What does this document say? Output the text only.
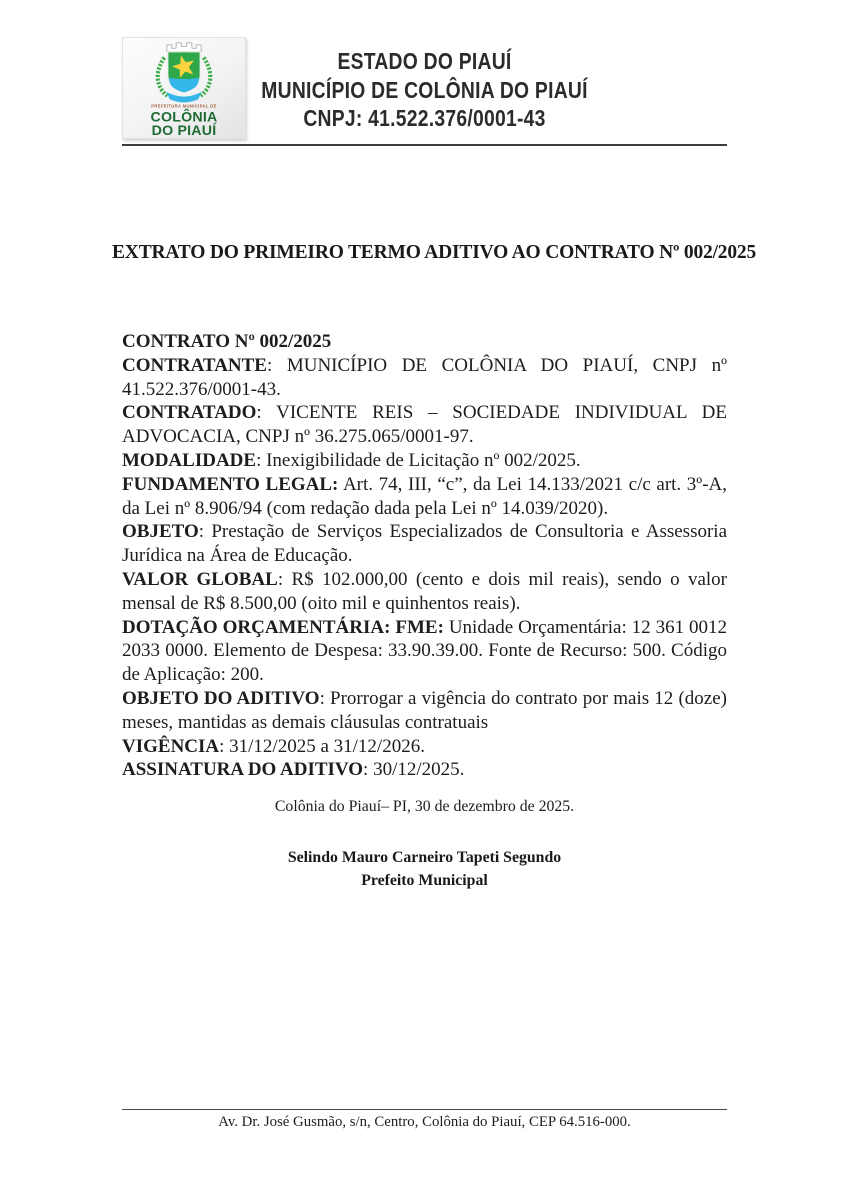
PREFEITURA MUNICIPAL DE
COLÔNIA
DO PIAUÍ
ESTADO DO PIAUÍ
MUNICÍPIO DE COLÔNIA DO PIAUÍ
CNPJ: 41.522.376/0001-43
EXTRATO DO PRIMEIRO TERMO ADITIVO AO CONTRATO Nº 002/2025

CONTRATO Nº 002/2025

CONTRATANTE: MUNICÍPIO DE COLÔNIA DO PIAUÍ, CNPJ nº 41.522.376/0001-43.

CONTRATADO: VICENTE REIS – SOCIEDADE INDIVIDUAL DE ADVOCACIA, CNPJ nº 36.275.065/0001-97.

MODALIDADE: Inexigibilidade de Licitação nº 002/2025.

FUNDAMENTO LEGAL: Art. 74, III, “c”, da Lei 14.133/2021 c/c art. 3º-A, da Lei nº 8.906/94 (com redação dada pela Lei nº 14.039/2020).

OBJETO: Prestação de Serviços Especializados de Consultoria e Assessoria Jurídica na Área de Educação.

VALOR GLOBAL: R$ 102.000,00 (cento e dois mil reais), sendo o valor mensal de R$ 8.500,00 (oito mil e quinhentos reais).

DOTAÇÃO ORÇAMENTÁRIA: FME: Unidade Orçamentária: 12 361 0012 2033 0000. Elemento de Despesa: 33.90.39.00. Fonte de Recurso: 500. Código de Aplicação: 200.

OBJETO DO ADITIVO: Prorrogar a vigência do contrato por mais 12 (doze) meses, mantidas as demais cláusulas contratuais

VIGÊNCIA: 31/12/2025 a 31/12/2026.

ASSINATURA DO ADITIVO: 30/12/2025.

Colônia do Piauí– PI, 30 de dezembro de 2025.
Selindo Mauro Carneiro Tapeti Segundo
Prefeito Municipal
Av. Dr. José Gusmão, s/n, Centro, Colônia do Piauí, CEP 64.516-000.
